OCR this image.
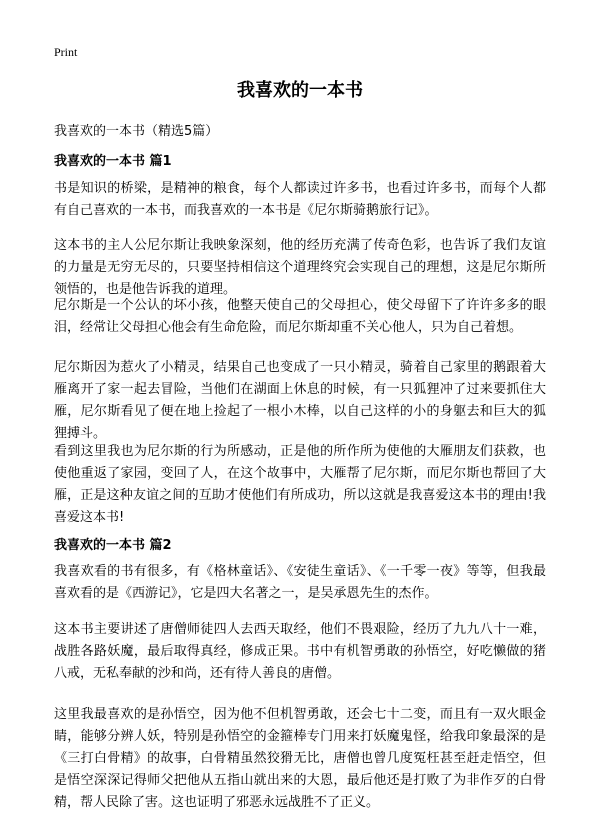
Print
我喜欢的一本书
我喜欢的一本书（精选5篇）
我喜欢的一本书 篇1

书是知识的桥梁，是精神的粮食，每个人都读过许多书，也看过许多书，而每个人都有自己喜欢的一本书，而我喜欢的一本书是《尼尔斯骑鹅旅行记》。

这本书的主人公尼尔斯让我映象深刻，他的经历充满了传奇色彩，也告诉了我们友谊的力量是无穷无尽的，只要坚持相信这个道理终究会实现自己的理想，这是尼尔斯所领悟的，也是他告诉我的道理。

尼尔斯是一个公认的坏小孩，他整天使自己的父母担心，使父母留下了许许多多的眼泪，经常让父母担心他会有生命危险，而尼尔斯却重不关心他人，只为自己着想。

尼尔斯因为惹火了小精灵，结果自己也变成了一只小精灵，骑着自己家里的鹅跟着大雁离开了家一起去冒险，当他们在湖面上休息的时候，有一只狐狸冲了过来要抓住大雁，尼尔斯看见了便在地上捡起了一根小木棒，以自己这样的小的身躯去和巨大的狐狸搏斗。

看到这里我也为尼尔斯的行为所感动，正是他的所作所为使他的大雁朋友们获救，也使他重返了家园，变回了人，在这个故事中，大雁帮了尼尔斯，而尼尔斯也帮回了大雁，正是这种友谊之间的互助才使他们有所成功，所以这就是我喜爱这本书的理由!我喜爱这本书!

我喜欢的一本书 篇2

我喜欢看的书有很多，有《格林童话》、《安徒生童话》、《一千零一夜》等等，但我最喜欢看的是《西游记》，它是四大名著之一，是吴承恩先生的杰作。

这本书主要讲述了唐僧师徒四人去西天取经，他们不畏艰险，经历了九九八十一难，战胜各路妖魔，最后取得真经，修成正果。书中有机智勇敢的孙悟空，好吃懒做的猪八戒，无私奉献的沙和尚，还有待人善良的唐僧。

这里我最喜欢的是孙悟空，因为他不但机智勇敢，还会七十二变，而且有一双火眼金睛，能够分辨人妖，特别是孙悟空的金箍棒专门用来打妖魔鬼怪，给我印象最深的是《三打白骨精》的故事，白骨精虽然狡猾无比，唐僧也曾几度冤枉甚至赶走悟空，但是悟空深深记得师父把他从五指山就出来的大恩，最后他还是打败了为非作歹的白骨精，帮人民除了害。这也证明了邪恶永远战胜不了正义。
